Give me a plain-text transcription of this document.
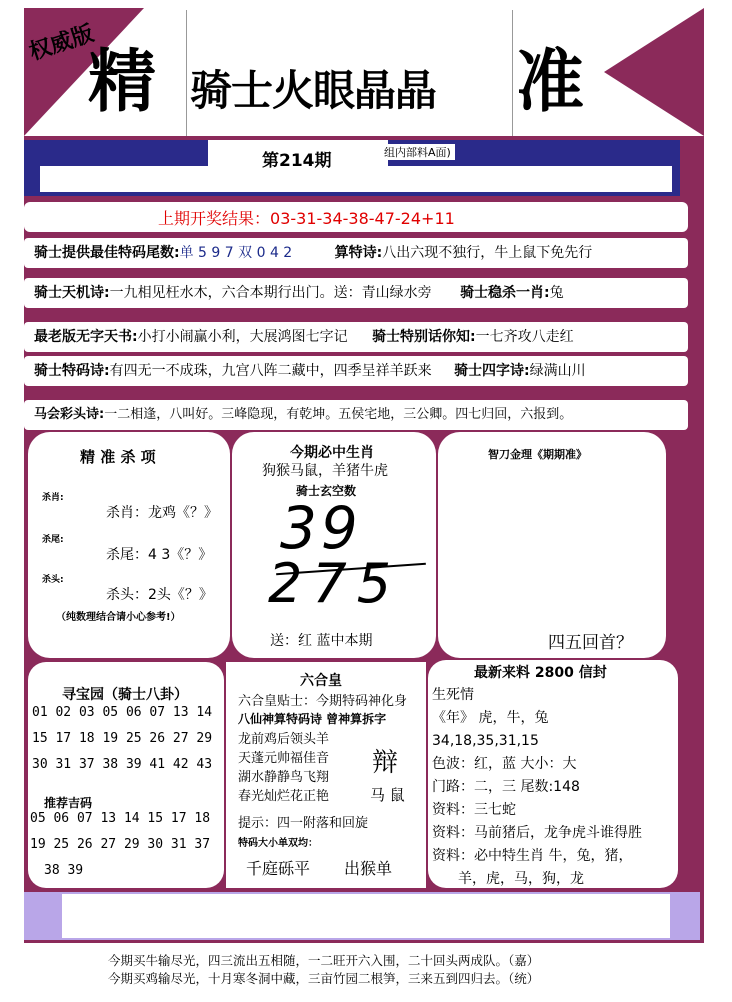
权威版
精 骑士火眼晶晶 准
第214期	组内部料A面)
上期开奖结果：03-31-34-38-47-24+11
骑士提供最佳特码尾数:单 5 9 7 双 0 4 2	算特诗:八出六现不独行，牛上鼠下免先行
骑士天机诗:一九相见枉水木，六合本期行出门。送：青山绿水旁 骑士稳杀一肖:兔
最老版无字天书:小打小闹赢小利，大展鸿图七字记 骑士特别话你知:一七齐攻八走红
骑士特码诗:有四无一不成珠，九宫八阵二藏中，四季呈祥羊跃来 骑士四字诗:绿满山川
马会彩头诗:一二相逢，八叫好。三峰隐现，有乾坤。五侯宅地，三公卿。四七归回，六报到。
精 准 杀 项
杀肖:
杀肖：龙鸡《？》
杀尾:
杀尾：4 3《？》
杀头:
杀头：2头《？》
（纯数理结合请小心参考!）
今期必中生肖
狗猴马鼠，羊猪牛虎
骑士玄空数
39
275
送：红 蓝中本期
智刀金理《期期准》
四五回首？
寻宝园（骑士八卦）
01 02 03 05 06 07 13 14
15 17 18 19 25 26 27 29
30 31 37 38 39 41 42 43
推荐吉码
05 06 07 13 14 15 17 18
19 25 26 27 29 30 31 37
38 39
六合皇
六合皇贴士：今期特码神化身
八仙神算特码诗 曾神算拆字
龙前鸡后领头羊
天蓬元帅福佳音
湖水静静鸟飞翔
春光灿烂花正艳
辩
马 鼠
提示：四一附落和回旋
特码大小单双均：
千庭砾平 出猴单
最新来料 2800 信封
生死情
《年》 虎，牛，兔
34,18,35,31,15
色波：红，蓝 大小：大
门路：二，三 尾数:148
资料：三七蛇
资料：马前猪后，龙争虎斗谁得胜
资料：必中特生肖 牛，兔，猪，
羊，虎，马，狗，龙
今期买牛输尽光，四三流出五相随，一二旺开六入围，二十回头两成队。（嘉）
今期买鸡输尽光，十月寒冬洞中藏，三亩竹园二根笋，三来五到四归去。（统）
